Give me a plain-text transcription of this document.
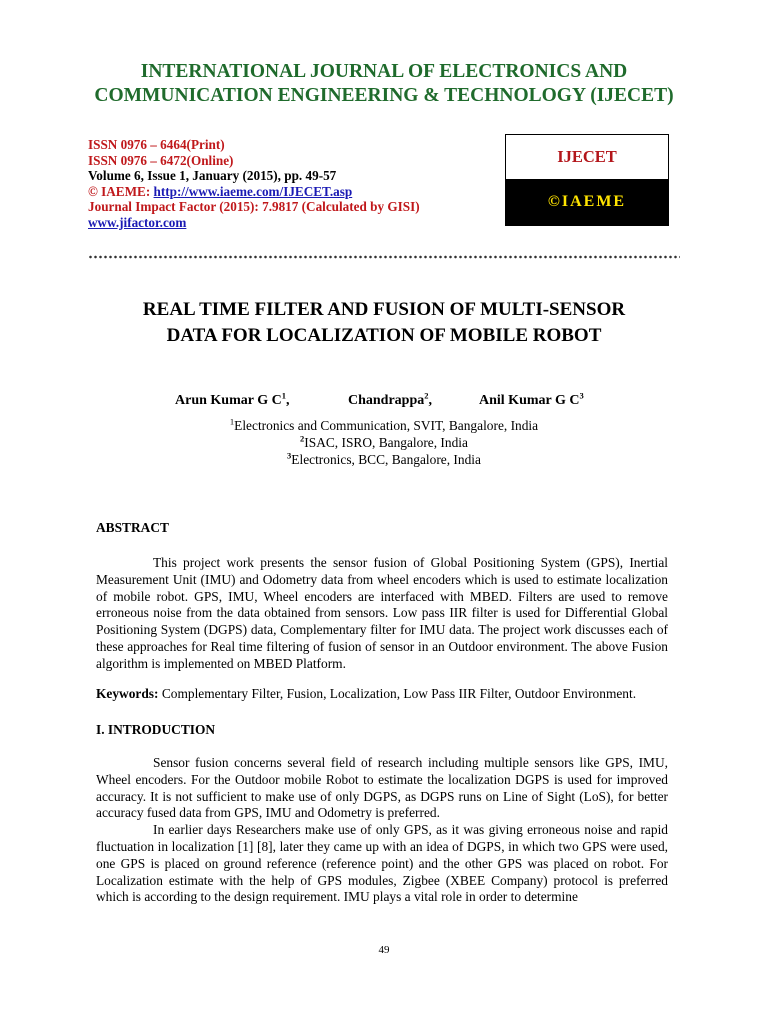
INTERNATIONAL JOURNAL OF ELECTRONICS AND
COMMUNICATION ENGINEERING & TECHNOLOGY (IJECET)
ISSN 0976 – 6464(Print)
ISSN 0976 – 6472(Online)
Volume 6, Issue 1, January (2015), pp. 49-57
© IAEME: http://www.iaeme.com/IJECET.asp
Journal Impact Factor (2015): 7.9817 (Calculated by GISI)
www.jifactor.com
IJECET
©IAEME
REAL TIME FILTER AND FUSION OF MULTI-SENSOR
DATA FOR LOCALIZATION OF MOBILE ROBOT
Arun Kumar G $C^1$,	Chandrappa$^2$,	Anil Kumar G $C^3$
$^1$Electronics and Communication, SVIT, Bangalore, India
$^2$ISAC, ISRO, Bangalore, India
$^3$Electronics, BCC, Bangalore, India
ABSTRACT

This project work presents the sensor fusion of Global Positioning System (GPS), Inertial Measurement Unit (IMU) and Odometry data from wheel encoders which is used to estimate localization of mobile robot. GPS, IMU, Wheel encoders are interfaced with MBED. Filters are used to remove erroneous noise from the data obtained from sensors. Low pass IIR filter is used for Differential Global Positioning System (DGPS) data, Complementary filter for IMU data. The project work discusses each of these approaches for Real time filtering of fusion of sensor in an Outdoor environment. The above Fusion algorithm is implemented on MBED Platform.

Keywords: Complementary Filter, Fusion, Localization, Low Pass IIR Filter, Outdoor Environment.
I. INTRODUCTION

Sensor fusion concerns several field of research including multiple sensors like GPS, IMU, Wheel encoders. For the Outdoor mobile Robot to estimate the localization DGPS is used for improved accuracy. It is not sufficient to make use of only DGPS, as DGPS runs on Line of Sight (LoS), for better accuracy fused data from GPS, IMU and Odometry is preferred.

In earlier days Researchers make use of only GPS, as it was giving erroneous noise and rapid fluctuation in localization [1] [8], later they came up with an idea of DGPS, in which two GPS were used, one GPS is placed on ground reference (reference point) and the other GPS was placed on robot. For Localization estimate with the help of GPS modules, Zigbee (XBEE Company) protocol is preferred which is according to the design requirement. IMU plays a vital role in order to determine

49
